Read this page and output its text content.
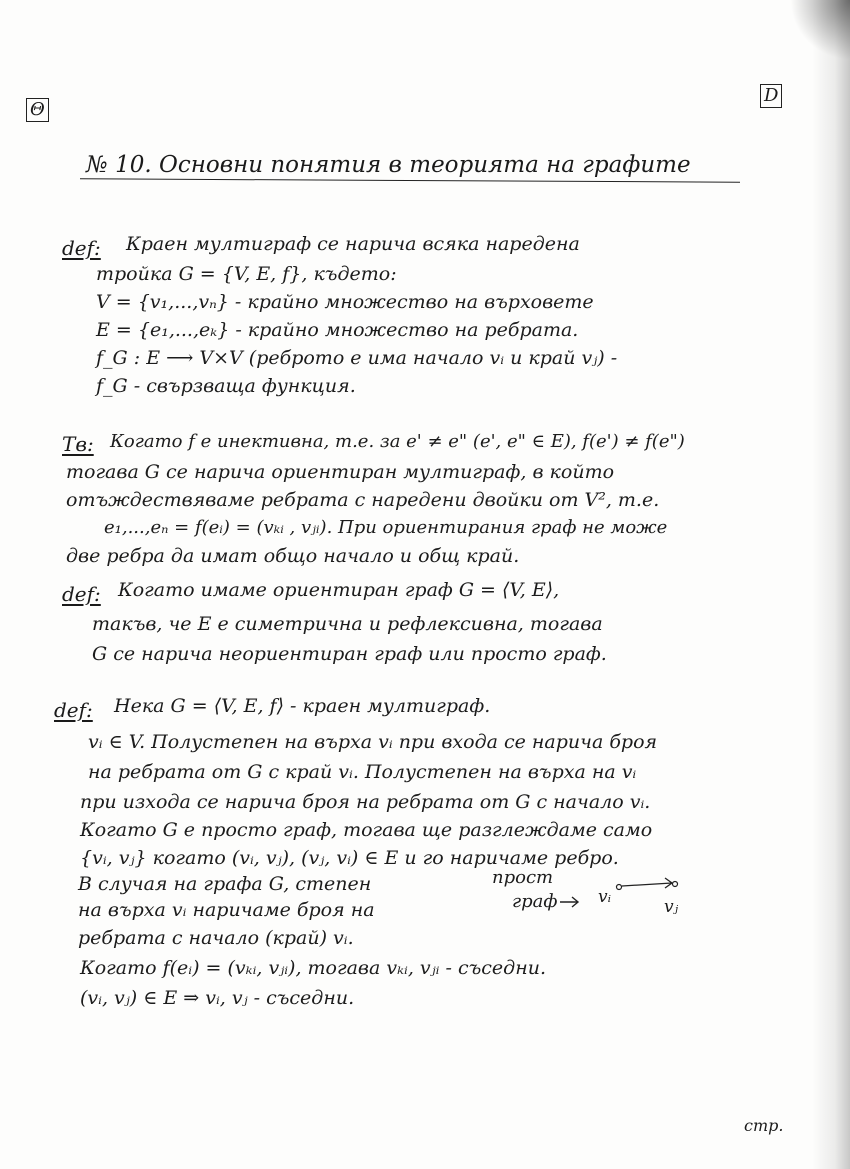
Θ
D
№ 10. Основни понятия в теорията на графите
def: Краен мултиграф се нарича всяка наредена
тройка G = {V, E, f}, където:
V = {v₁,...,vₙ} - крайно множество на върховете
E = {e₁,...,eₖ} - крайно множество на ребрата.
f_G : E ⟶ V×V (реброто е има начало vᵢ и край vⱼ) -
f_G - свързваща функция.
Тв: Когато f е инективна, т.е. за e' ≠ e" (e', e" ∈ E), f(e') ≠ f(e")
тогава G се нарича ориентиран мултиграф, в който
отъждествяваме ребрата с наредени двойки от V², т.е.
e₁,...,eₙ = f(eᵢ) = (vₖᵢ , vⱼᵢ). При ориентирания граф не може
две ребра да имат общо начало и общ край.
def: Когато имаме ориентиран граф G = ⟨V, E⟩,
такъв, че E е симетрична и рефлексивна, тогава
G се нарича неориентиран граф или просто граф.
def: Нека G = ⟨V, E, f⟩ - краен мултиграф.
vᵢ ∈ V. Полустепен на върха vᵢ при входа се нарича броя
на ребрата от G с край vᵢ. Полустепен на върха на vᵢ
при изхода се нарича броя на ребрата от G с начало vᵢ.
Когато G е просто граф, тогава ще разглеждаме само
{vᵢ, vⱼ} когато (vᵢ, vⱼ), (vⱼ, vᵢ) ∈ E и го наричаме ребро.
В случая на графа G, степен
на върха vᵢ наричаме броя на
ребрата с начало (край) vᵢ.
Когато f(eᵢ) = (vₖᵢ, vⱼᵢ), тогава vₖᵢ, vⱼᵢ - съседни.
(vᵢ, vⱼ) ∈ E ⇒ vᵢ, vⱼ - съседни.
прост
граф vᵢ	vⱼ
стр.
